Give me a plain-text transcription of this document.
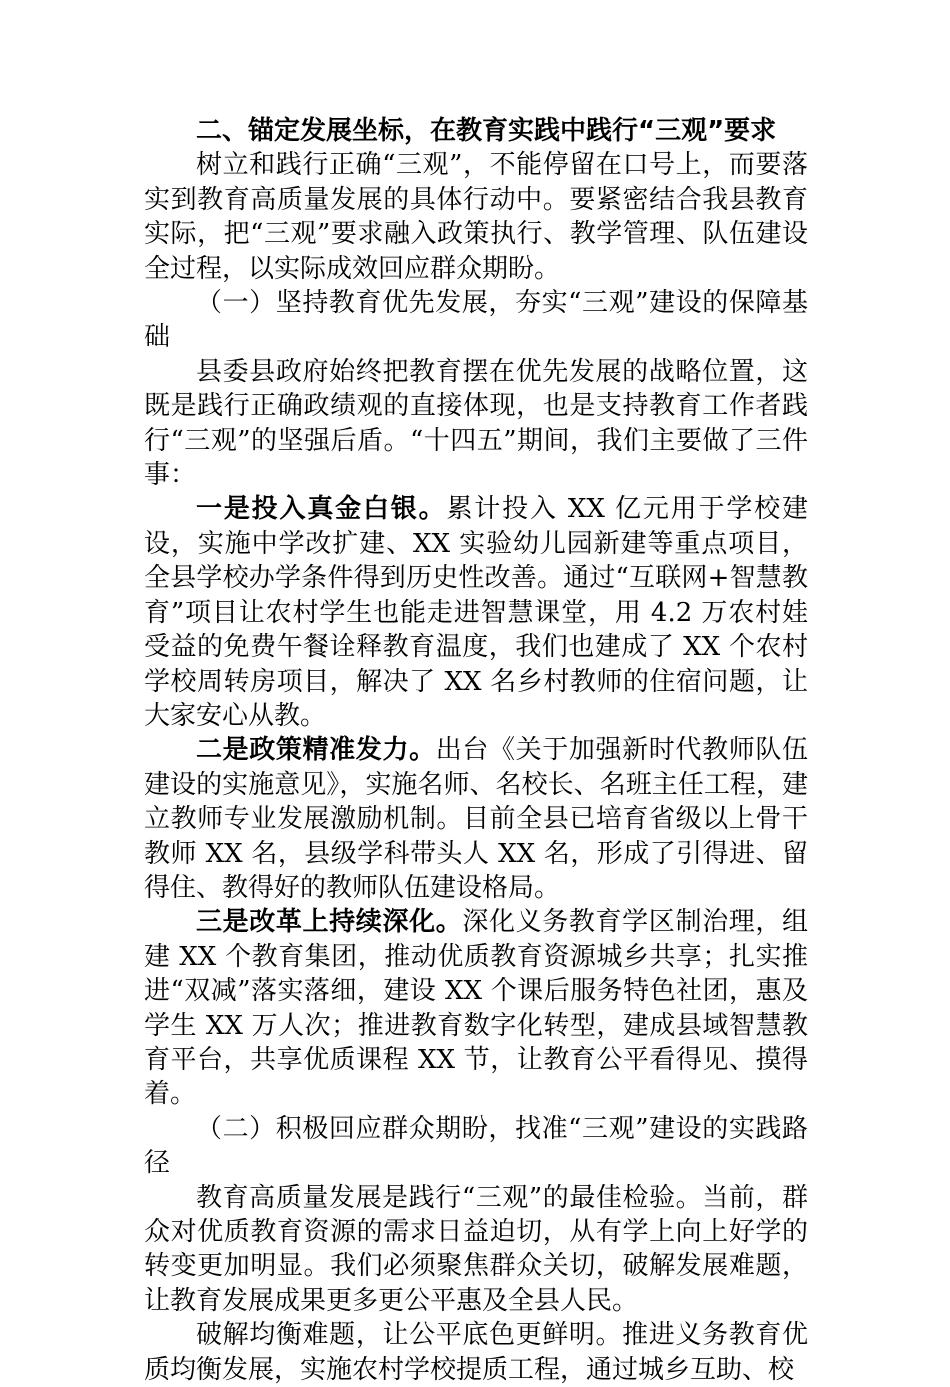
二、锚定发展坐标，在教育实践中践行“三观”要求

树立和践行正确“三观”，不能停留在口号上，而要落实到教育高质量发展的具体行动中。要紧密结合我县教育实际，把“三观”要求融入政策执行、教学管理、队伍建设全过程，以实际成效回应群众期盼。

（一）坚持教育优先发展，夯实“三观”建设的保障基础

县委县政府始终把教育摆在优先发展的战略位置，这既是践行正确政绩观的直接体现，也是支持教育工作者践行“三观”的坚强后盾。“十四五”期间，我们主要做了三件事：

一是投入真金白银。累计投入 XX 亿元用于学校建设，实施中学改扩建、XX 实验幼儿园新建等重点项目，全县学校办学条件得到历史性改善。通过“互联网+智慧教育”项目让农村学生也能走进智慧课堂，用 4.2 万农村娃受益的免费午餐诠释教育温度，我们也建成了 XX 个农村学校周转房项目，解决了 XX 名乡村教师的住宿问题，让大家安心从教。

二是政策精准发力。出台《关于加强新时代教师队伍建设的实施意见》，实施名师、名校长、名班主任工程，建立教师专业发展激励机制。目前全县已培育省级以上骨干教师 XX 名，县级学科带头人 XX 名，形成了引得进、留得住、教得好的教师队伍建设格局。

三是改革上持续深化。深化义务教育学区制治理，组建 XX 个教育集团，推动优质教育资源城乡共享；扎实推进“双减”落实落细，建设 XX 个课后服务特色社团，惠及学生 XX 万人次；推进教育数字化转型，建成县域智慧教育平台，共享优质课程 XX 节，让教育公平看得见、摸得着。

（二）积极回应群众期盼，找准“三观”建设的实践路径

教育高质量发展是践行“三观”的最佳检验。当前，群众对优质教育资源的需求日益迫切，从有学上向上好学的转变更加明显。我们必须聚焦群众关切，破解发展难题，让教育发展成果更多更公平惠及全县人民。

破解均衡难题，让公平底色更鲜明。推进义务教育优质均衡发展，实施农村学校提质工程，通过城乡互助、校
